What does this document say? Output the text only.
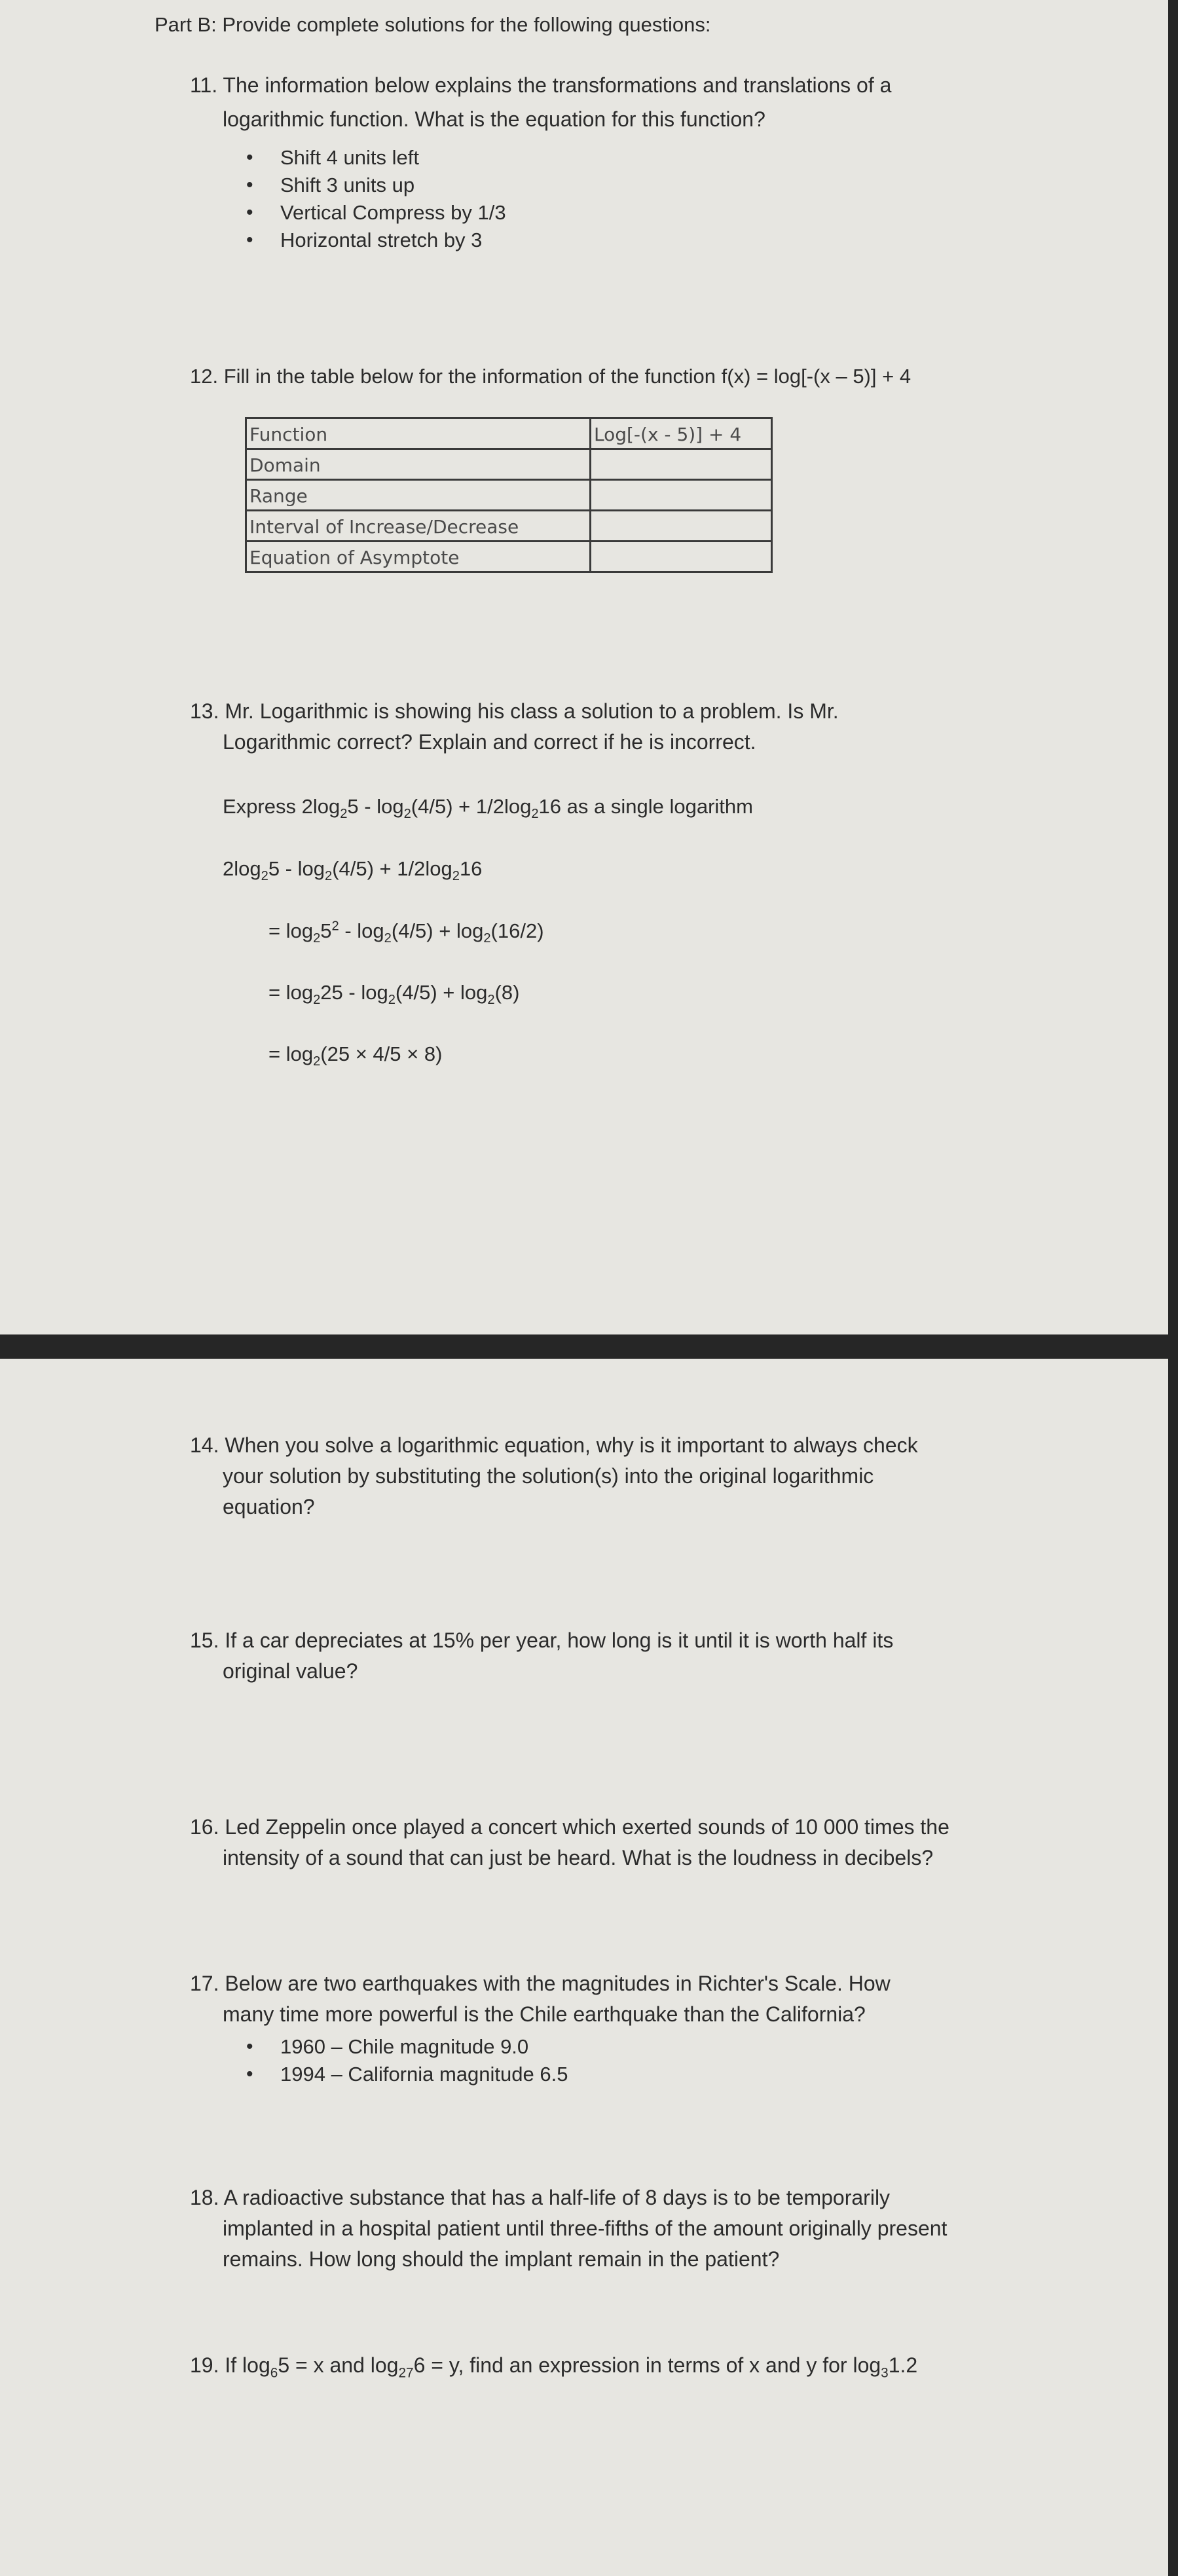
Part B: Provide complete solutions for the following questions:
11. The information below explains the transformations and translations of a
logarithmic function. What is the equation for this function?
• Shift 4 units left
• Shift 3 units up
• Vertical Compress by 1/3
• Horizontal stretch by 3
12. Fill in the table below for the information of the function f(x) = log[-(x – 5)] + 4
Function	Log[-(x - 5)] + 4
Domain	
Range	
Interval of Increase/Decrease	
Equation of Asymptote	
13. Mr. Logarithmic is showing his class a solution to a problem. Is Mr.
Logarithmic correct? Explain and correct if he is incorrect.
Express $2\log_25 - \log_2(4/5) + 1/2\log_216$ as a single logarithm
$2\log_25 - \log_2(4/5) + 1/2\log_216$
= $\log_25^2 - \log_2(4/5) + \log_2(16/2)$
= $\log_225 - \log_2(4/5) + \log_2(8)$
= $\log_2(25 \times 4/5 \times 8)$
14. When you solve a logarithmic equation, why is it important to always check
your solution by substituting the solution(s) into the original logarithmic
equation?
15. If a car depreciates at 15% per year, how long is it until it is worth half its
original value?
16. Led Zeppelin once played a concert which exerted sounds of 10 000 times the
intensity of a sound that can just be heard. What is the loudness in decibels?
17. Below are two earthquakes with the magnitudes in Richter's Scale. How
many time more powerful is the Chile earthquake than the California?
• 1960 – Chile magnitude 9.0
• 1994 – California magnitude 6.5
18. A radioactive substance that has a half-life of 8 days is to be temporarily
implanted in a hospital patient until three-fifths of the amount originally present
remains. How long should the implant remain in the patient?
19. If $\log_65 = x$ and $\log_{27}6 = y$, find an expression in terms of x and y for $\log_31.2$
